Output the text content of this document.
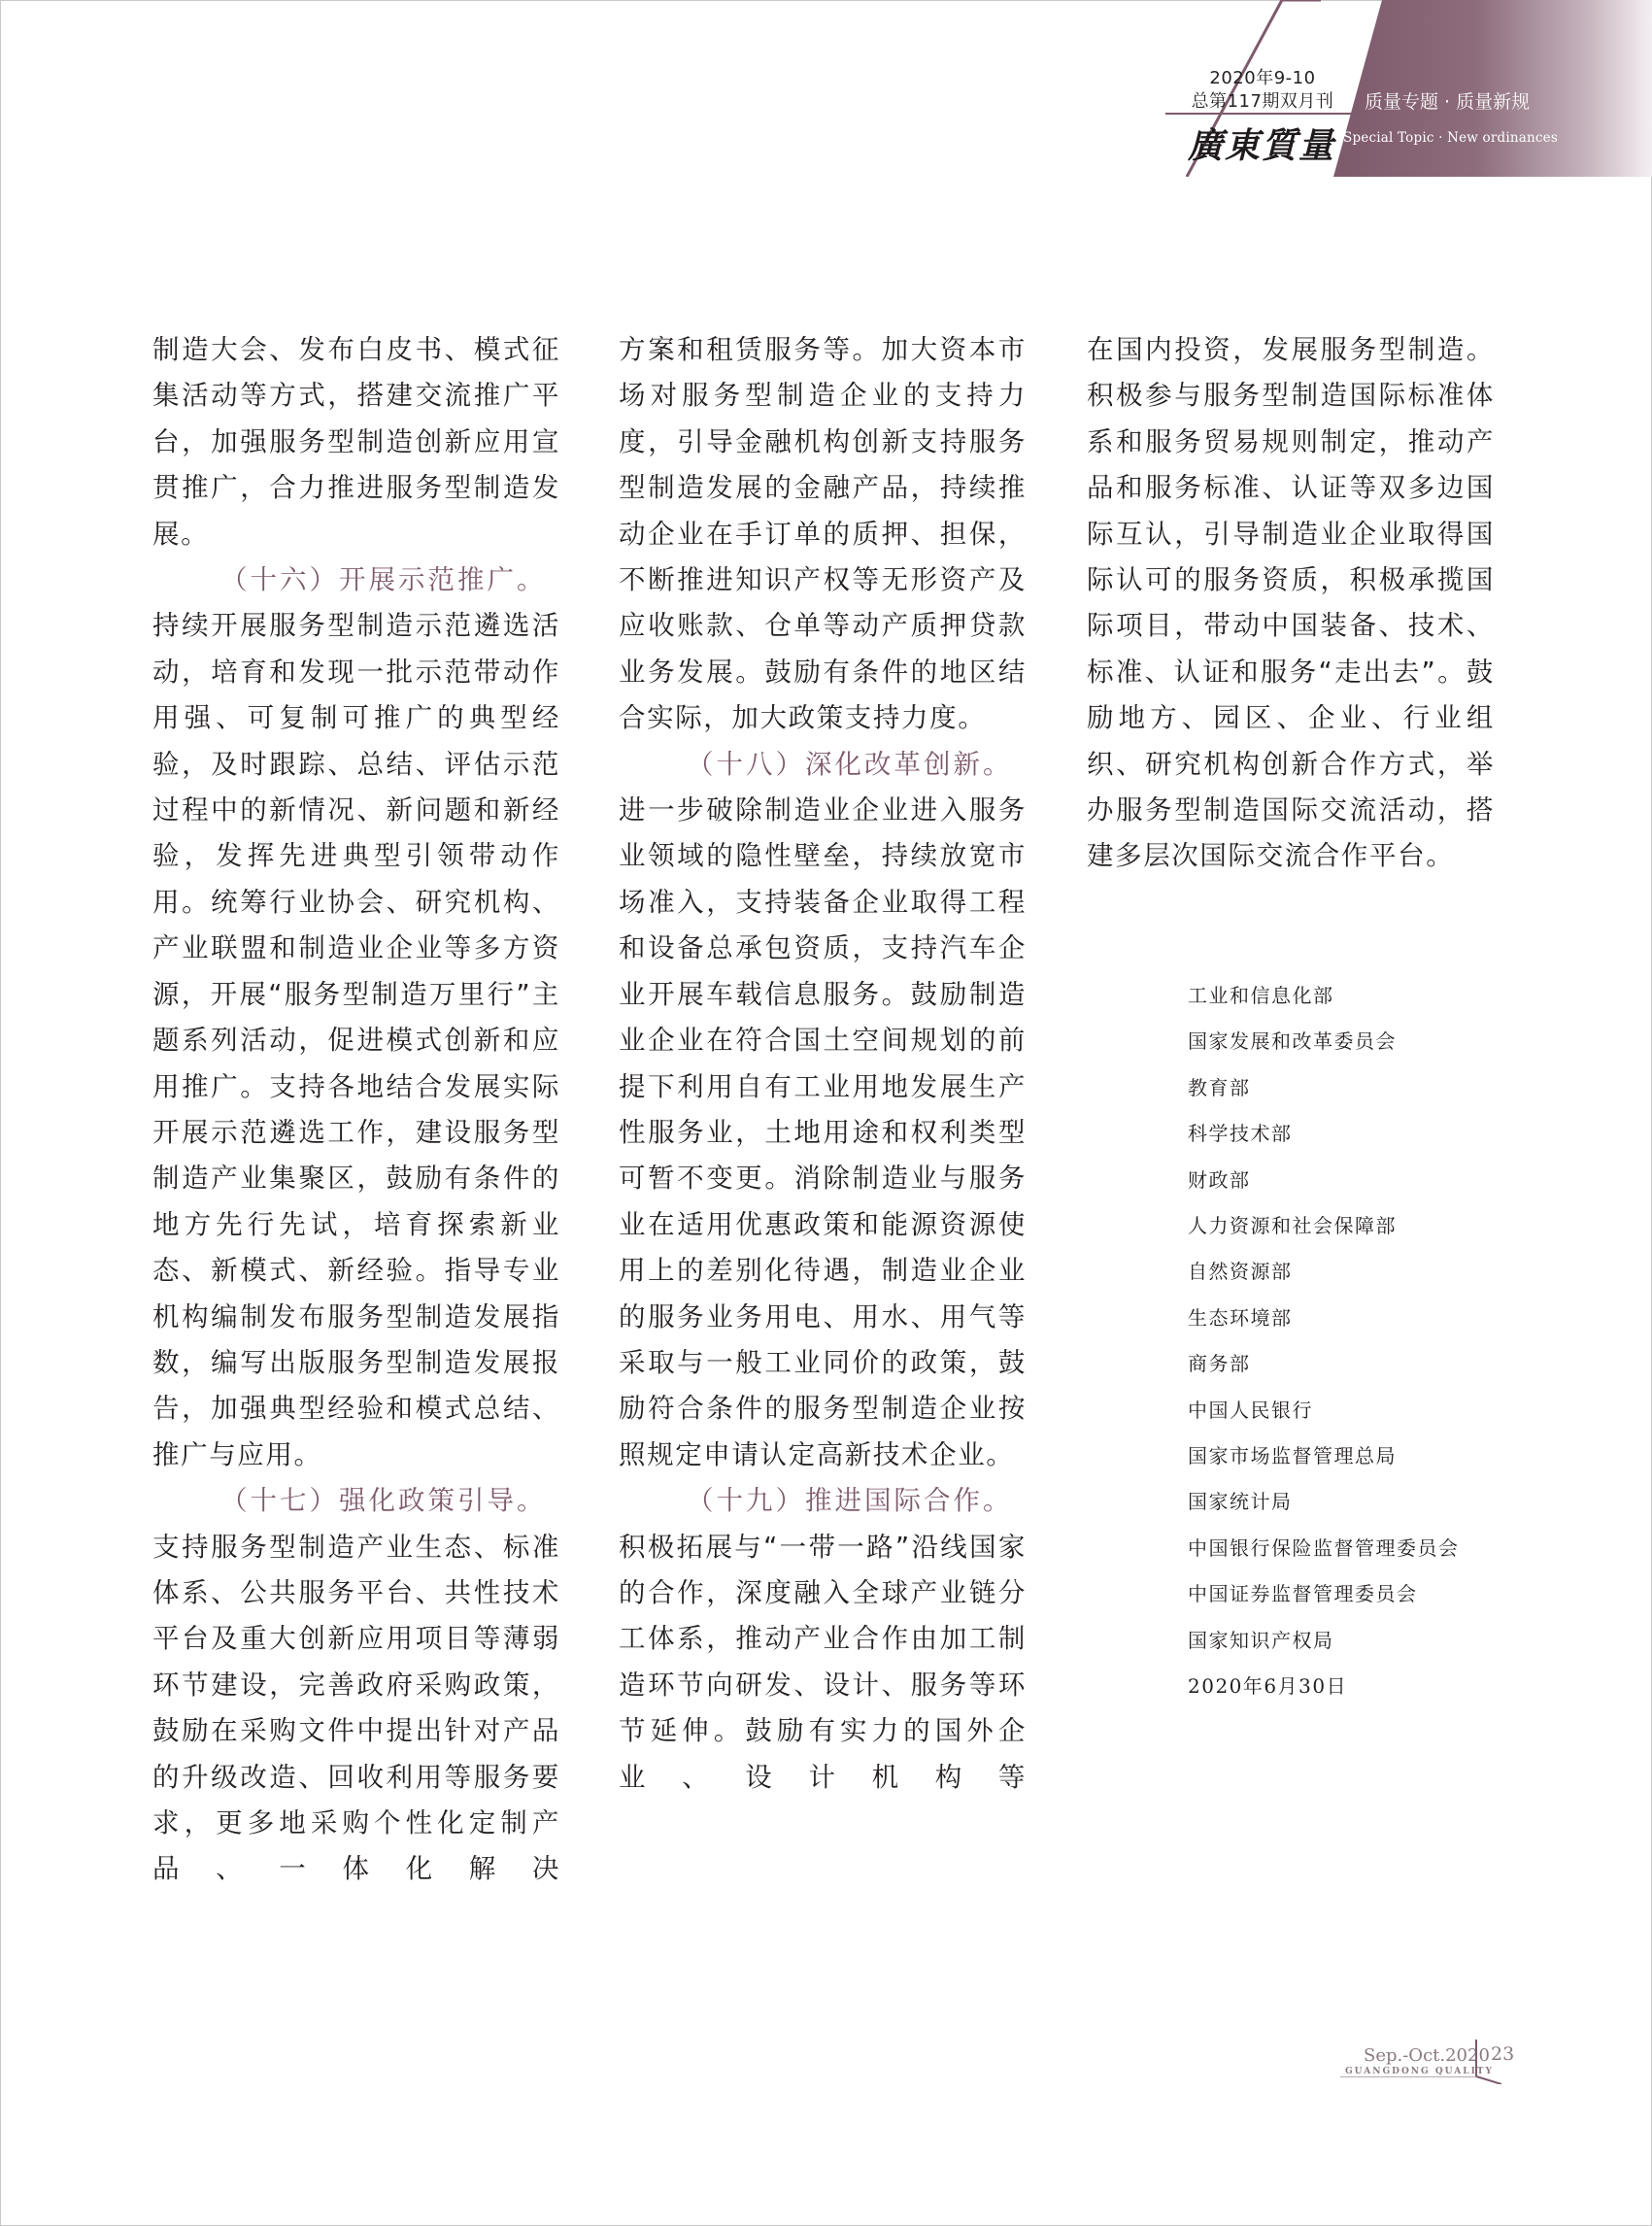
2020年9-10
总第117期双月刊
廣東質量
质量专题 · 质量新规
Special Topic · New ordinances

制造大会、发布白皮书、模式征集活动等方式，搭建交流推广平台，加强服务型制造创新应用宣贯推广，合力推进服务型制造发展。

（十六）开展示范推广。

持续开展服务型制造示范遴选活动，培育和发现一批示范带动作用强、可复制可推广的典型经验，及时跟踪、总结、评估示范过程中的新情况、新问题和新经验，发挥先进典型引领带动作用。统筹行业协会、研究机构、产业联盟和制造业企业等多方资源，开展“服务型制造万里行”主题系列活动，促进模式创新和应用推广。支持各地结合发展实际开展示范遴选工作，建设服务型制造产业集聚区，鼓励有条件的地方先行先试，培育探索新业态、新模式、新经验。指导专业机构编制发布服务型制造发展指数，编写出版服务型制造发展报告，加强典型经验和模式总结、推广与应用。

（十七）强化政策引导。

支持服务型制造产业生态、标准体系、公共服务平台、共性技术平台及重大创新应用项目等薄弱环节建设，完善政府采购政策，鼓励在采购文件中提出针对产品的升级改造、回收利用等服务要求，更多地采购个性化定制产品、一体化解决

方案和租赁服务等。加大资本市场对服务型制造企业的支持力度，引导金融机构创新支持服务型制造发展的金融产品，持续推动企业在手订单的质押、担保，不断推进知识产权等无形资产及应收账款、仓单等动产质押贷款业务发展。鼓励有条件的地区结合实际，加大政策支持力度。

（十八）深化改革创新。

进一步破除制造业企业进入服务业领域的隐性壁垒，持续放宽市场准入，支持装备企业取得工程和设备总承包资质，支持汽车企业开展车载信息服务。鼓励制造业企业在符合国土空间规划的前提下利用自有工业用地发展生产性服务业，土地用途和权利类型可暂不变更。消除制造业与服务业在适用优惠政策和能源资源使用上的差别化待遇，制造业企业的服务业务用电、用水、用气等采取与一般工业同价的政策，鼓励符合条件的服务型制造企业按照规定申请认定高新技术企业。

（十九）推进国际合作。

积极拓展与“一带一路”沿线国家的合作，深度融入全球产业链分工体系，推动产业合作由加工制造环节向研发、设计、服务等环节延伸。鼓励有实力的国外企业、设计机构等

在国内投资，发展服务型制造。积极参与服务型制造国际标准体系和服务贸易规则制定，推动产品和服务标准、认证等双多边国际互认，引导制造业企业取得国际认可的服务资质，积极承揽国际项目，带动中国装备、技术、标准、认证和服务“走出去”。鼓励地方、园区、企业、行业组织、研究机构创新合作方式，举办服务型制造国际交流活动，搭建多层次国际交流合作平台。

工业和信息化部
国家发展和改革委员会
教育部
科学技术部
财政部
人力资源和社会保障部
自然资源部
生态环境部
商务部
中国人民银行
国家市场监督管理总局
国家统计局
中国银行保险监督管理委员会
中国证券监督管理委员会
国家知识产权局
2020年6月30日
Sep.-Oct.2020
GUANGDONG QUALITY
23
